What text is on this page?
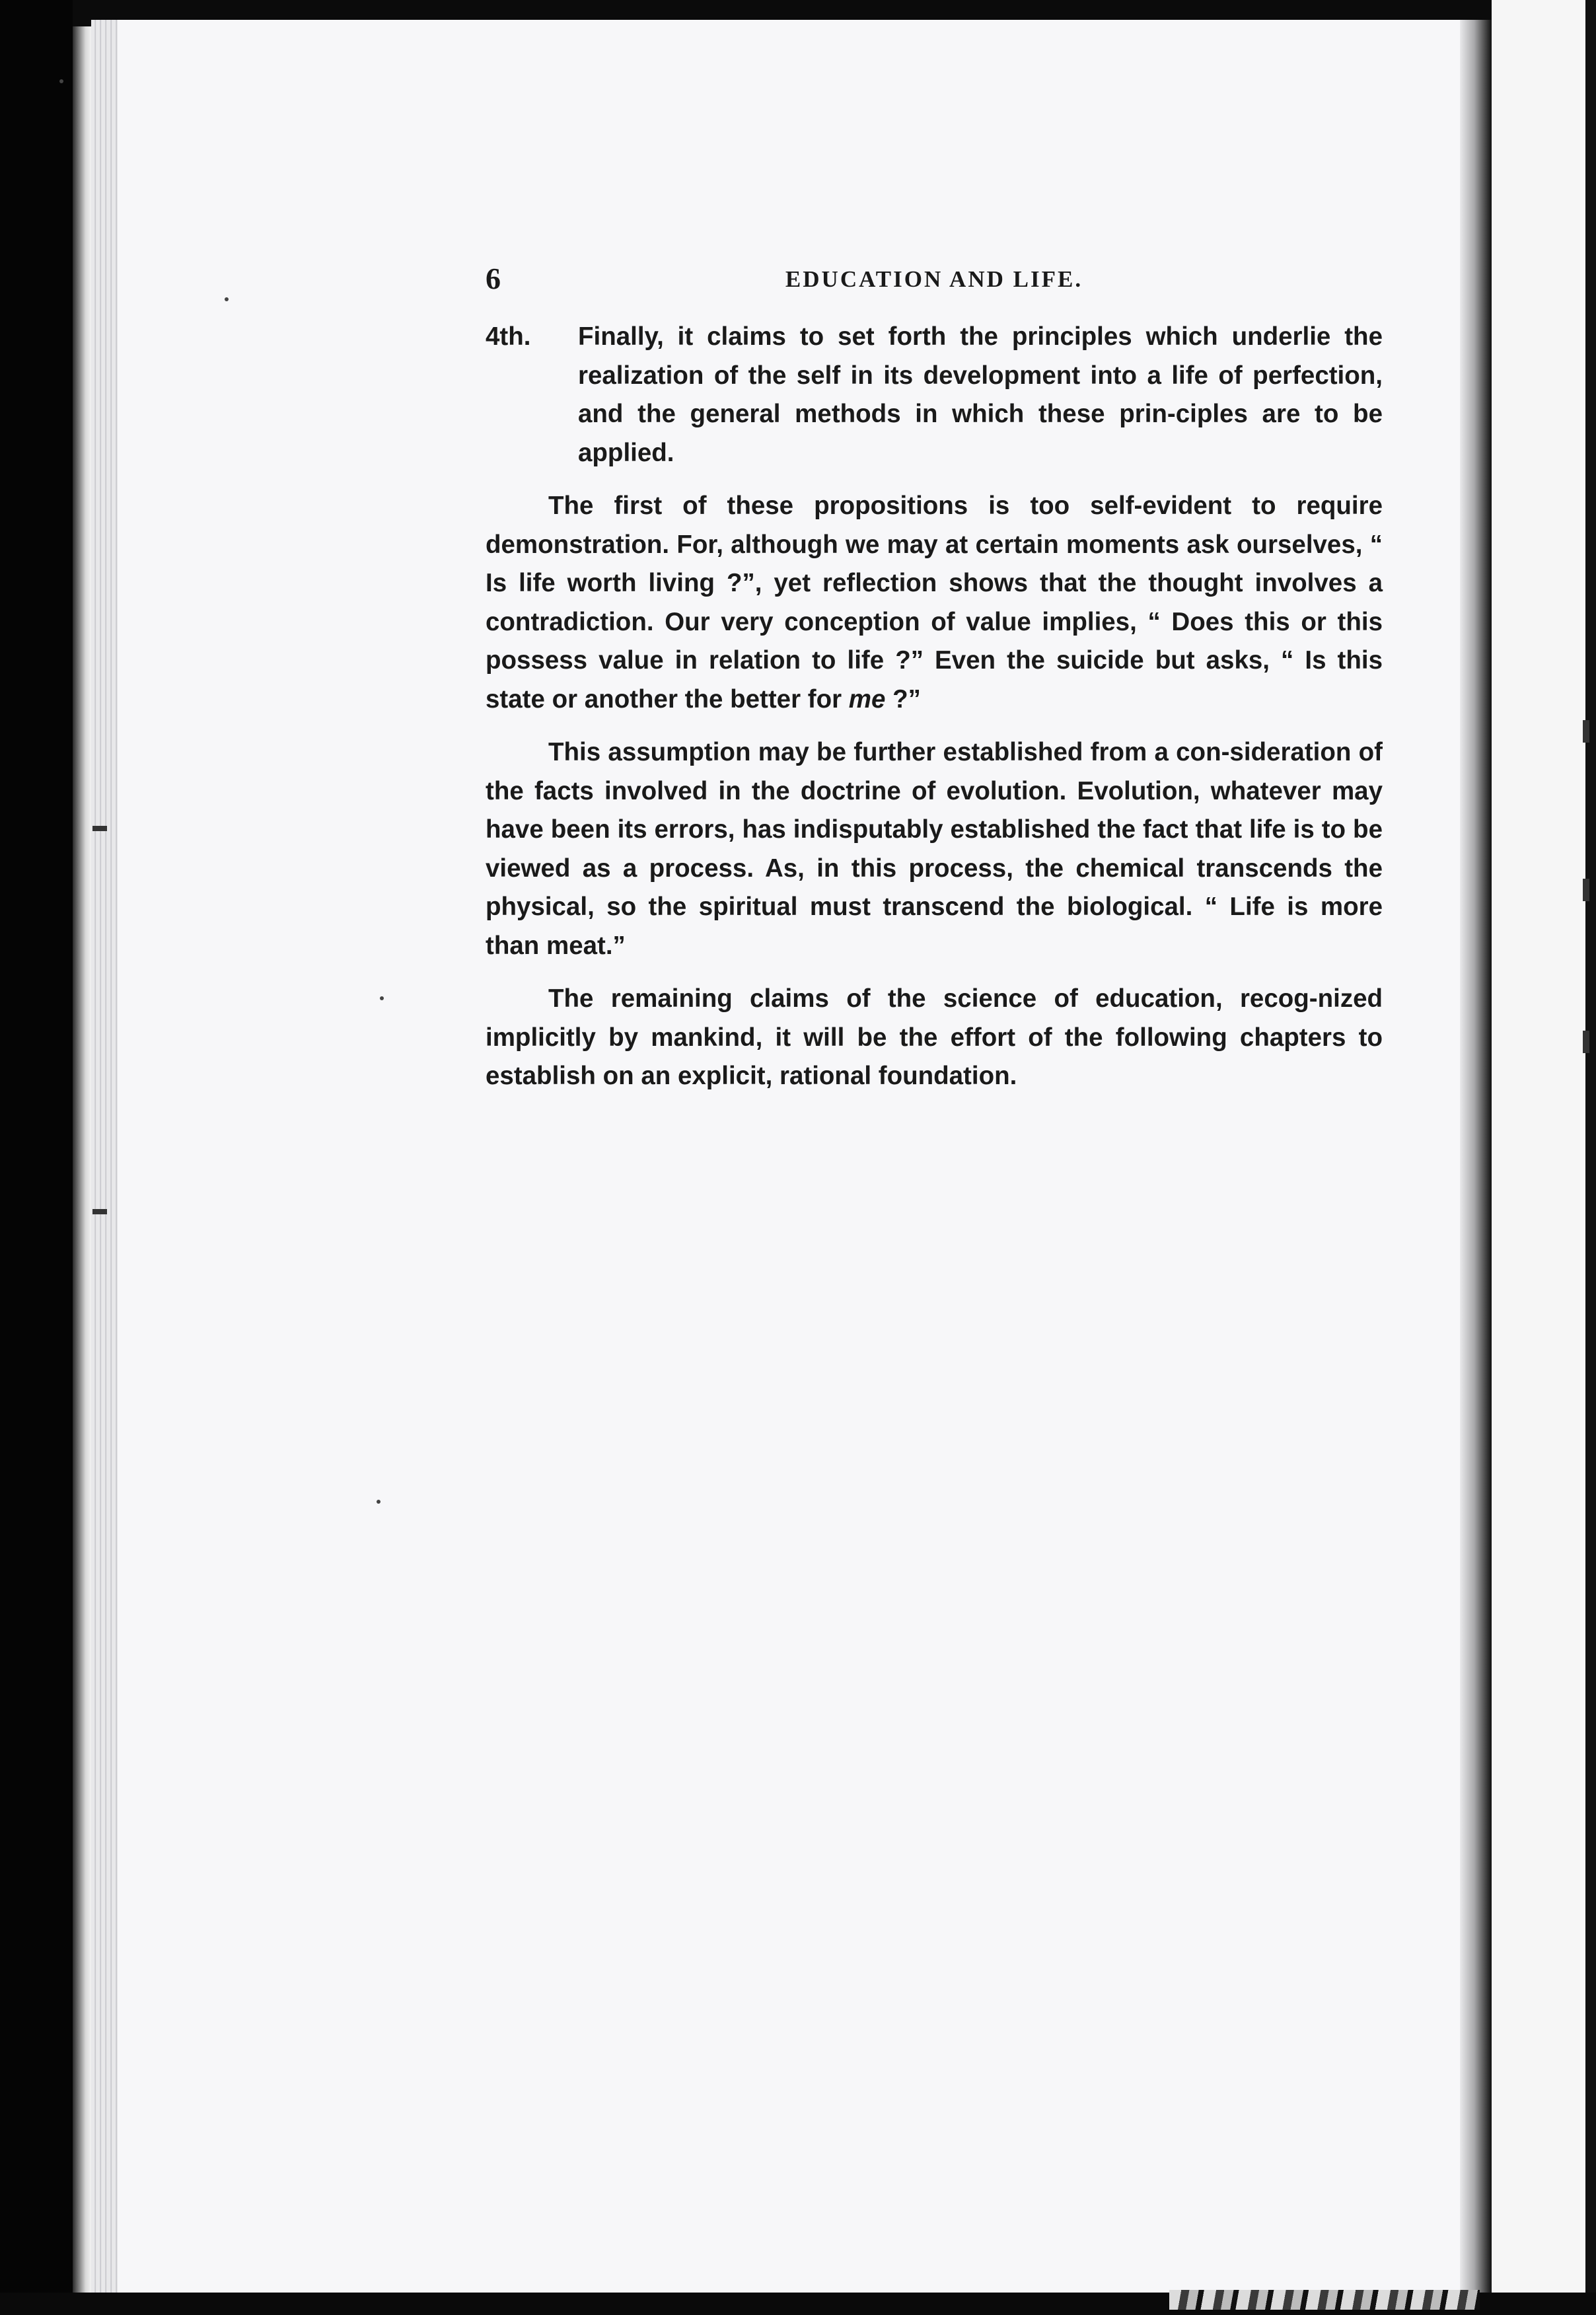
6	EDUCATION AND LIFE.
4th. Finally, it claims to set forth the principles which underlie the realization of the self in its development into a life of perfection, and the general methods in which these prin-ciples are to be applied.

The first of these propositions is too self-evident to require demonstration. For, although we may at certain moments ask ourselves, “ Is life worth living ?”, yet reflection shows that the thought involves a contradiction. Our very conception of value implies, “ Does this or this possess value in relation to life ?” Even the suicide but asks, “ Is this state or another the better for me ?”

This assumption may be further established from a con-sideration of the facts involved in the doctrine of evolution. Evolution, whatever may have been its errors, has indisputably established the fact that life is to be viewed as a process. As, in this process, the chemical transcends the physical, so the spiritual must transcend the biological. “ Life is more than meat.”

The remaining claims of the science of education, recog-nized implicitly by mankind, it will be the effort of the following chapters to establish on an explicit, rational foundation.
